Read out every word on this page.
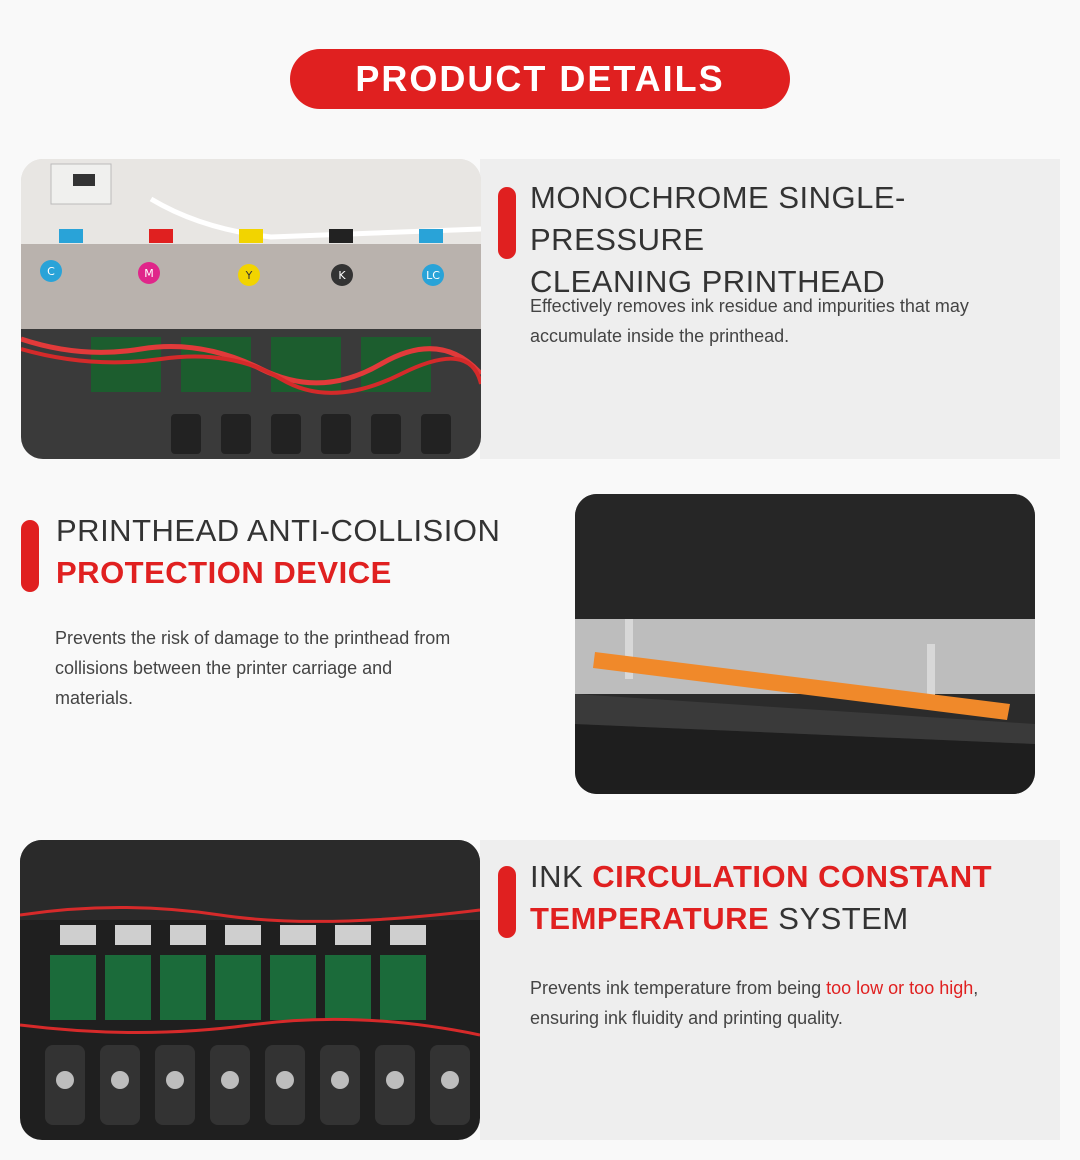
PRODUCT DETAILS
C	M	Y	K	LC
MONOCHROME SINGLE-PRESSURE
CLEANING PRINTHEAD
Effectively removes ink residue and impurities that may accumulate inside the printhead.
PRINTHEAD ANTI-COLLISION
PROTECTION DEVICE
Prevents the risk of damage to the printhead from collisions between the printer carriage and materials.
INK CIRCULATION CONSTANT
TEMPERATURE SYSTEM
Prevents ink temperature from being too low or too high, ensuring ink fluidity and printing quality.
